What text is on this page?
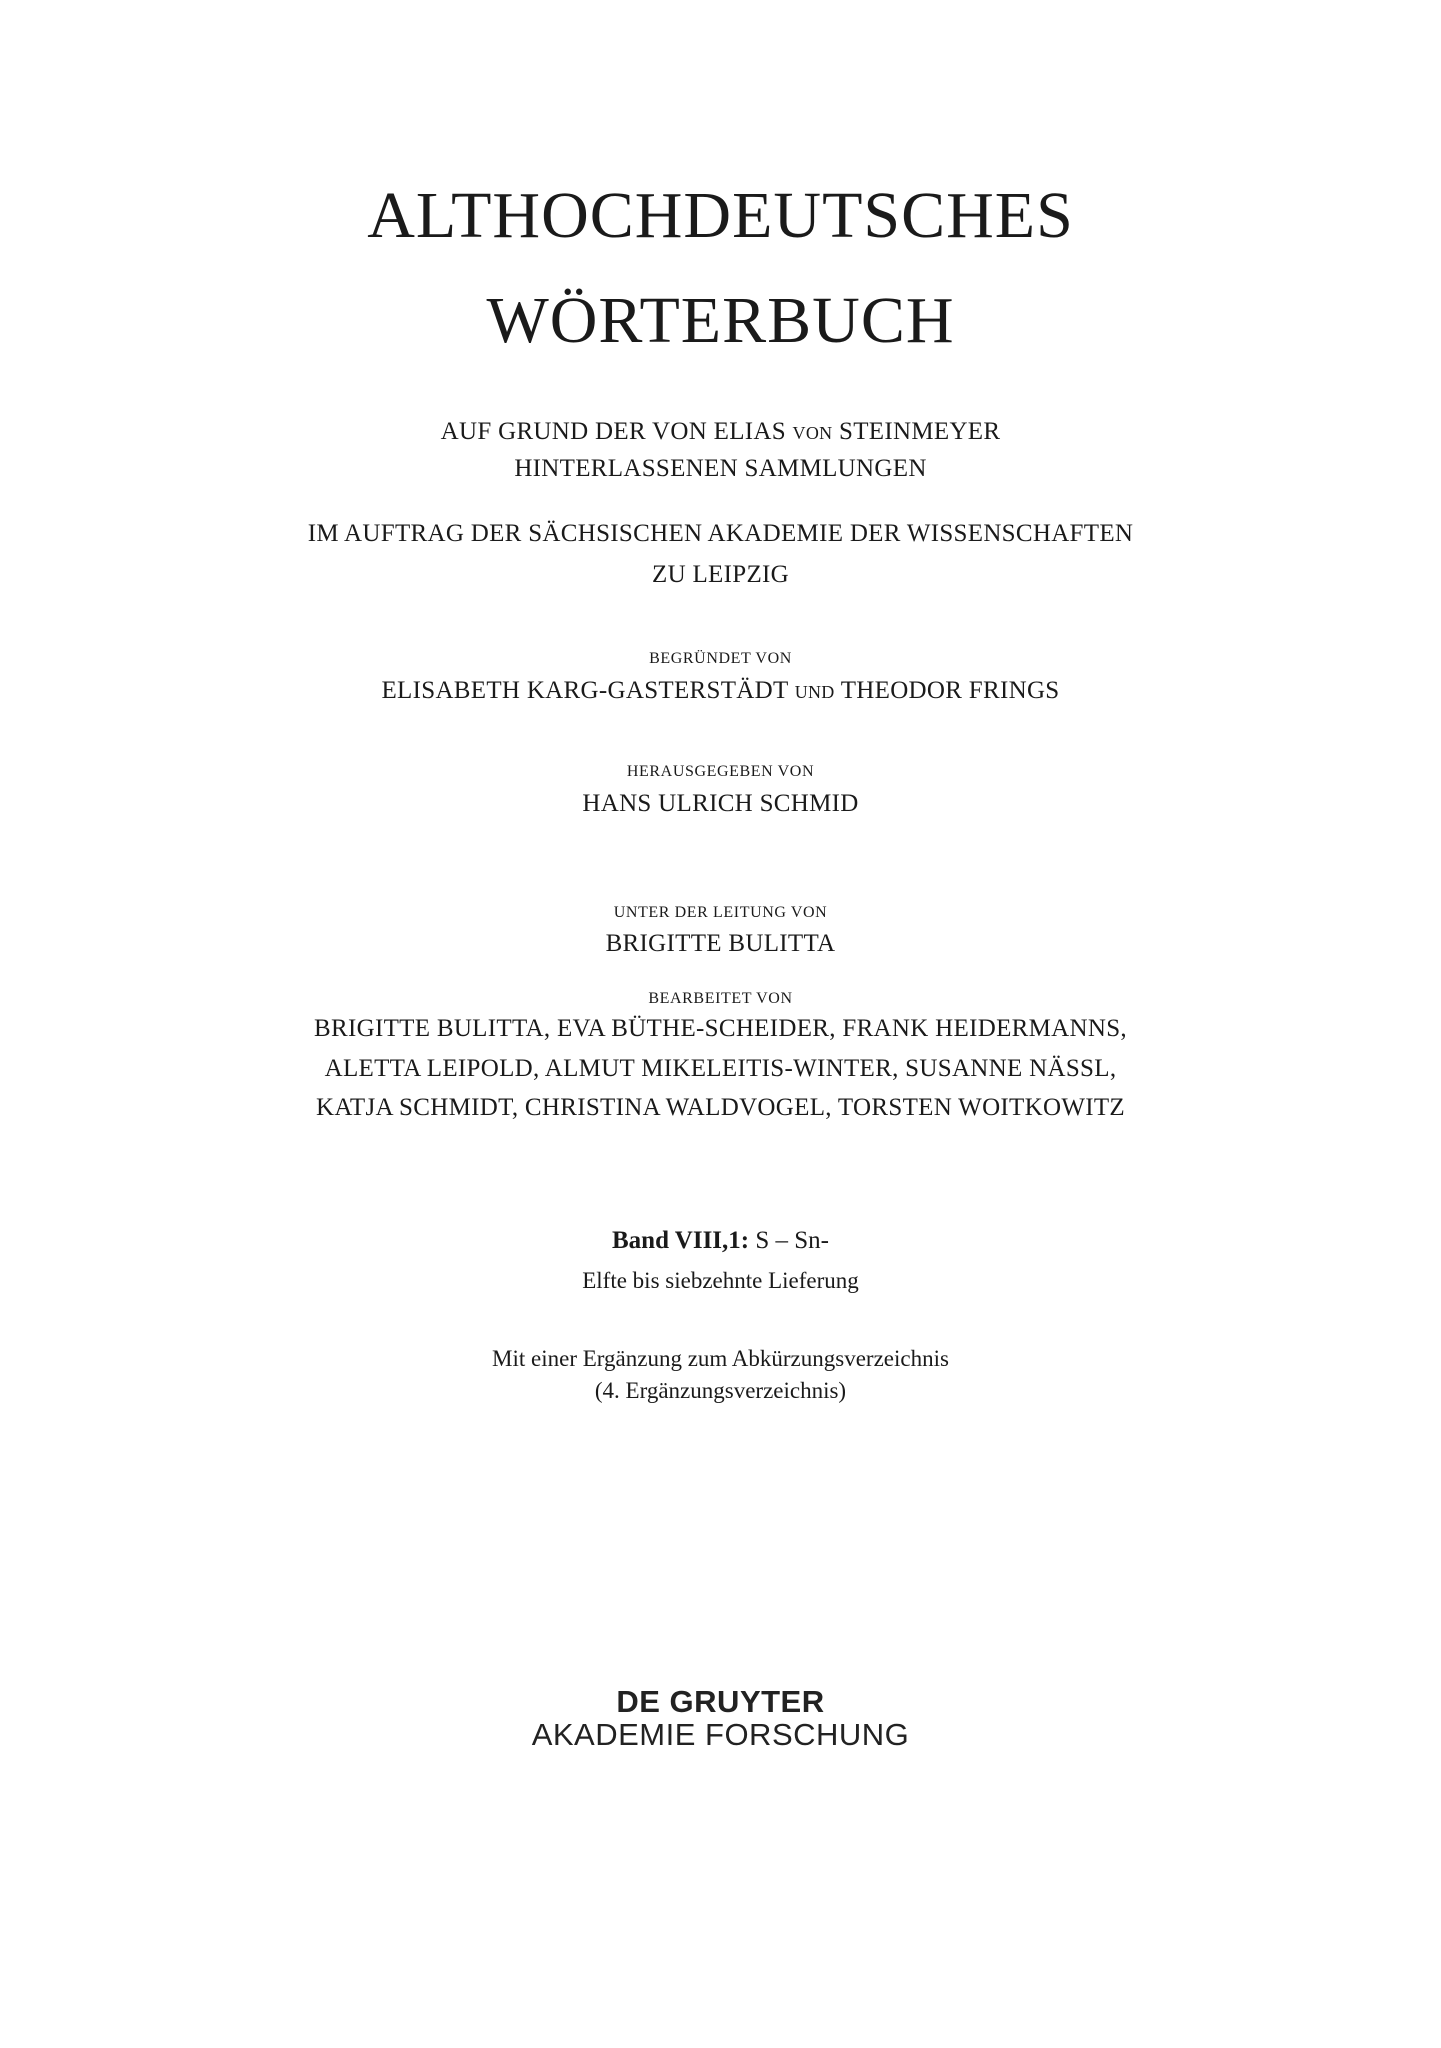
ALTHOCHDEUTSCHES
WÖRTERBUCH
AUF GRUND DER VON ELIAS VON STEINMEYER
HINTERLASSENEN SAMMLUNGEN
IM AUFTRAG DER SÄCHSISCHEN AKADEMIE DER WISSENSCHAFTEN
ZU LEIPZIG
BEGRÜNDET VON
ELISABETH KARG-GASTERSTÄDT UND THEODOR FRINGS
HERAUSGEGEBEN VON
HANS ULRICH SCHMID
UNTER DER LEITUNG VON
BRIGITTE BULITTA
BEARBEITET VON
BRIGITTE BULITTA, EVA BÜTHE-SCHEIDER, FRANK HEIDERMANNS,
ALETTA LEIPOLD, ALMUT MIKELEITIS-WINTER, SUSANNE NÄSSL,
KATJA SCHMIDT, CHRISTINA WALDVOGEL, TORSTEN WOITKOWITZ
Band VIII,1: S – Sn-
Elfte bis siebzehnte Lieferung
Mit einer Ergänzung zum Abkürzungsverzeichnis
(4. Ergänzungsverzeichnis)
DE GRUYTER
AKADEMIE FORSCHUNG
